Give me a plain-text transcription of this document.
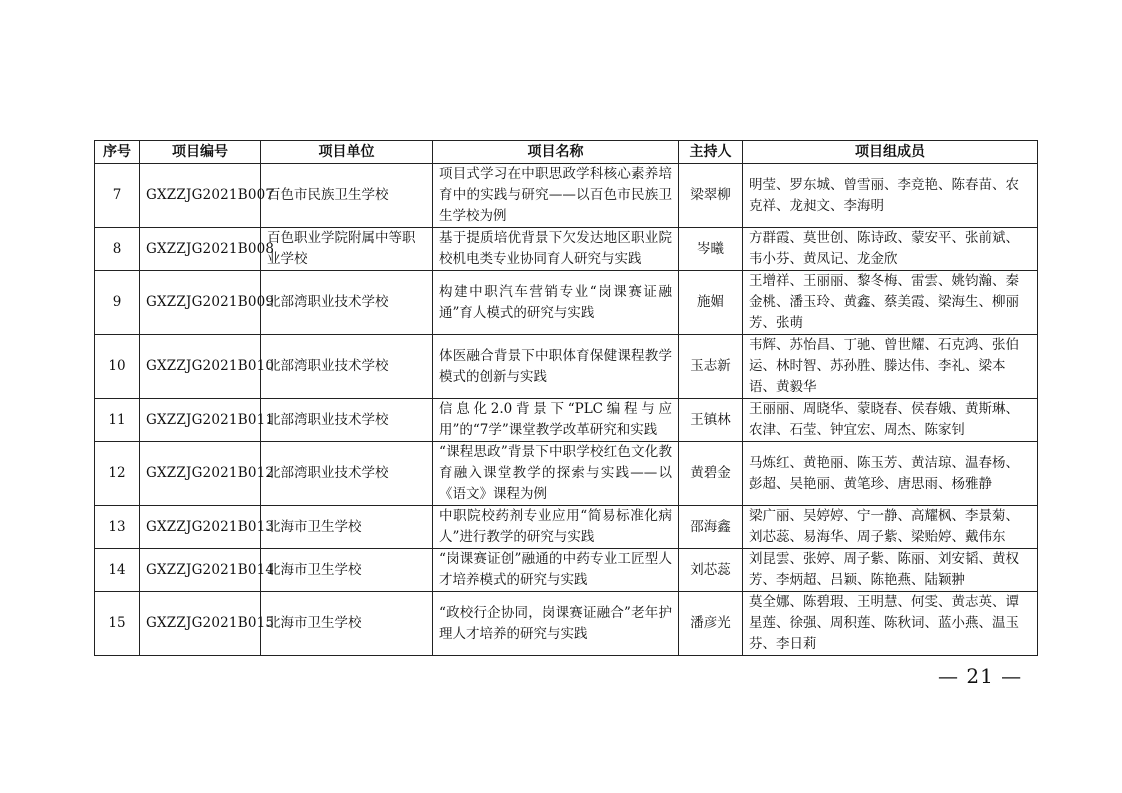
序号	项目编号	项目单位	项目名称	主持人	项目组成员
7	GXZZJG2021B007	百色市民族卫生学校	项目式学习在中职思政学科核心素养培育中的实践与研究——以百色市民族卫生学校为例	梁翠柳	明莹、罗东城、曾雪丽、李竞艳、陈春苗、农克祥、龙昶文、李海明
8	GXZZJG2021B008	百色职业学院附属中等职业学校	基于提质培优背景下欠发达地区职业院校机电类专业协同育人研究与实践	岑曦	方群霞、莫世创、陈诗政、蒙安平、张前斌、韦小芬、黄凤记、龙金欣
9	GXZZJG2021B009	北部湾职业技术学校	构建中职汽车营销专业“岗课赛证融通”育人模式的研究与实践	施媚	王增祥、王丽丽、黎冬梅、雷雲、姚钧瀚、秦金桃、潘玉玲、黄鑫、蔡美霞、梁海生、柳丽芳、张萌
10	GXZZJG2021B010	北部湾职业技术学校	体医融合背景下中职体育保健课程教学模式的创新与实践	玉志新	韦辉、苏怡昌、丁驰、曾世耀、石克鸿、张伯运、林时智、苏孙胜、滕达伟、李礼、梁本语、黄毅华
11	GXZZJG2021B011	北部湾职业技术学校	信息化2.0背景下“PLC编程与应用”的“7学”课堂教学改革研究和实践	王镇林	王丽丽、周晓华、蒙晓春、侯春娥、黄斯琳、农津、石莹、钟宜宏、周杰、陈家钊
12	GXZZJG2021B012	北部湾职业技术学校	“课程思政”背景下中职学校红色文化教育融入课堂教学的探索与实践——以《语文》课程为例	黄碧金	马炼红、黄艳丽、陈玉芳、黄洁琼、温春杨、彭超、吴艳丽、黄笔珍、唐思雨、杨雅静
13	GXZZJG2021B013	北海市卫生学校	中职院校药剂专业应用“简易标准化病人”进行教学的研究与实践	邵海鑫	梁广丽、吴婷婷、宁一静、高耀枫、李景菊、刘芯蕊、易海华、周子紫、梁贻婷、戴伟东
14	GXZZJG2021B014	北海市卫生学校	“岗课赛证创”融通的中药专业工匠型人才培养模式的研究与实践	刘芯蕊	刘昆雲、张婷、周子紫、陈丽、刘安韬、黄权芳、李炳超、吕颖、陈艳燕、陆颖翀
15	GXZZJG2021B015	北海市卫生学校	“政校行企协同，岗课赛证融合”老年护理人才培养的研究与实践	潘彦光	莫全娜、陈碧瑕、王明慧、何雯、黄志英、谭星莲、徐强、周积莲、陈秋词、蓝小燕、温玉芬、李日莉
— 21 —
